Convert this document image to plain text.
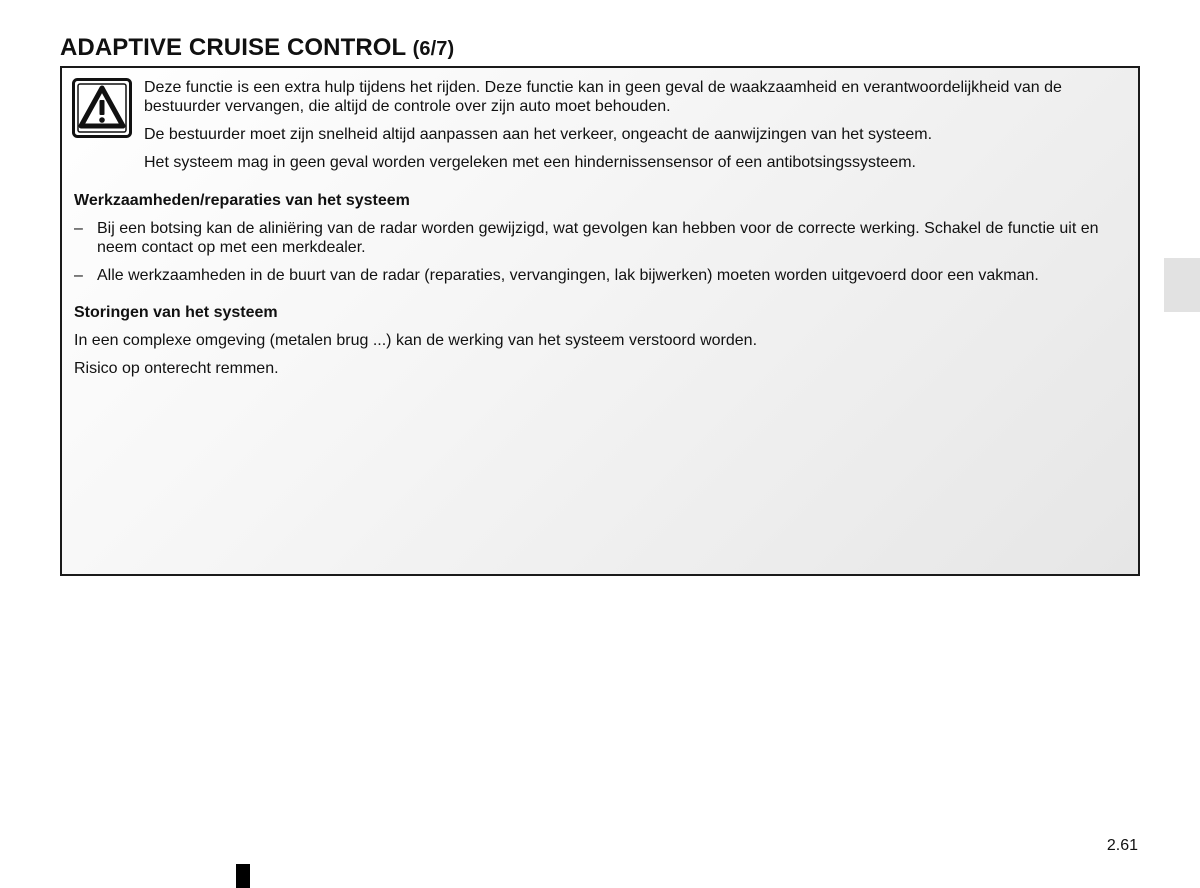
ADAPTIVE CRUISE CONTROL (6/7)

Deze functie is een extra hulp tijdens het rijden. Deze functie kan in geen geval de waakzaamheid en verantwoordelijkheid van de bestuurder vervangen, die altijd de controle over zijn auto moet behouden.

De bestuurder moet zijn snelheid altijd aanpassen aan het verkeer, ongeacht de aanwijzingen van het systeem.

Het systeem mag in geen geval worden vergeleken met een hindernissensensor of een antibotsingssysteem.

Werkzaamheden/reparaties van het systeem
– Bij een botsing kan de aliniëring van de radar worden gewijzigd, wat gevolgen kan hebben voor de correcte werking. Schakel de functie uit en neem contact op met een merkdealer.
– Alle werkzaamheden in de buurt van de radar (reparaties, vervangingen, lak bijwerken) moeten worden uitgevoerd door een vakman.
Storingen van het systeem

In een complexe omgeving (metalen brug ...) kan de werking van het systeem verstoord worden.

Risico op onterecht remmen.

2.61
